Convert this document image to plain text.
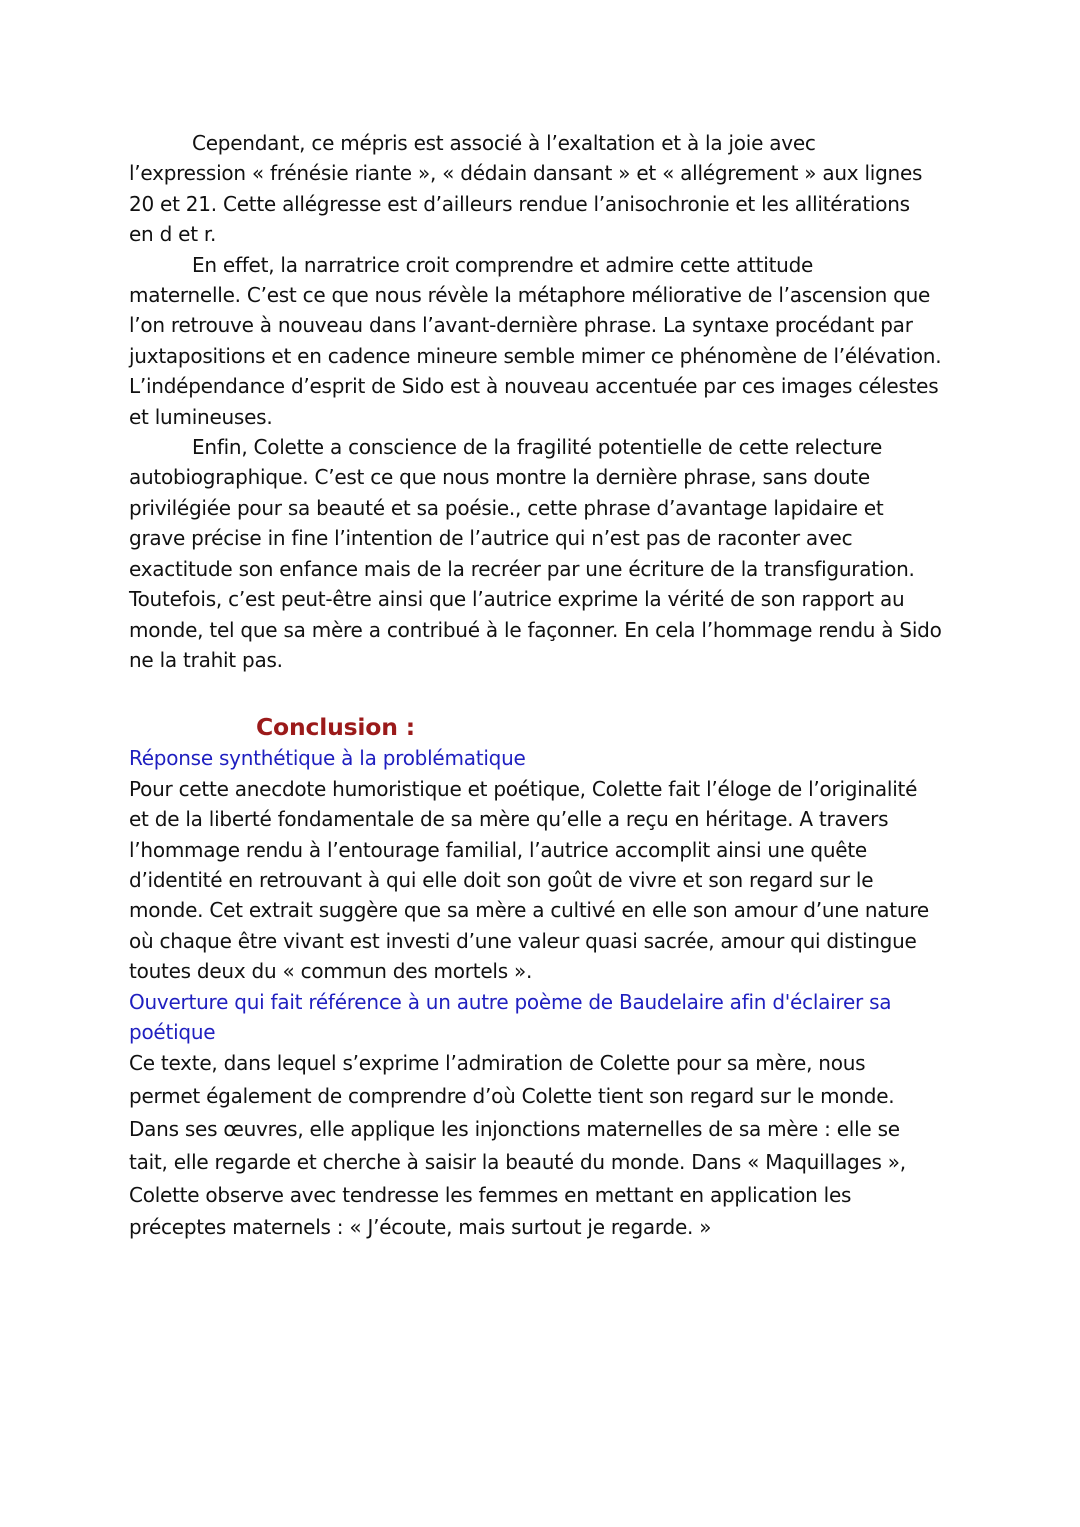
Cependant, ce mépris est associé à l’exaltation et à la joie avec
l’expression « frénésie riante », « dédain dansant » et « allégrement » aux lignes
20 et 21. Cette allégresse est d’ailleurs rendue l’anisochronie et les allitérations
en d et r.

En effet, la narratrice croit comprendre et admire cette attitude
maternelle. C’est ce que nous révèle la métaphore méliorative de l’ascension que
l’on retrouve à nouveau dans l’avant-dernière phrase. La syntaxe procédant par
juxtapositions et en cadence mineure semble mimer ce phénomène de l’élévation.
L’indépendance d’esprit de Sido est à nouveau accentuée par ces images célestes
et lumineuses.

Enfin, Colette a conscience de la fragilité potentielle de cette relecture
autobiographique. C’est ce que nous montre la dernière phrase, sans doute
privilégiée pour sa beauté et sa poésie., cette phrase d’avantage lapidaire et
grave précise in fine l’intention de l’autrice qui n’est pas de raconter avec
exactitude son enfance mais de la recréer par une écriture de la transfiguration.
Toutefois, c’est peut-être ainsi que l’autrice exprime la vérité de son rapport au
monde, tel que sa mère a contribué à le façonner. En cela l’hommage rendu à Sido
ne la trahit pas.

Conclusion :

Réponse synthétique à la problématique

Pour cette anecdote humoristique et poétique, Colette fait l’éloge de l’originalité
et de la liberté fondamentale de sa mère qu’elle a reçu en héritage. A travers
l’hommage rendu à l’entourage familial, l’autrice accomplit ainsi une quête
d’identité en retrouvant à qui elle doit son goût de vivre et son regard sur le
monde. Cet extrait suggère que sa mère a cultivé en elle son amour d’une nature
où chaque être vivant est investi d’une valeur quasi sacrée, amour qui distingue
toutes deux du « commun des mortels ».

Ouverture qui fait référence à un autre poème de Baudelaire afin d'éclairer sa
poétique

Ce texte, dans lequel s’exprime l’admiration de Colette pour sa mère, nous
permet également de comprendre d’où Colette tient son regard sur le monde.
Dans ses œuvres, elle applique les injonctions maternelles de sa mère : elle se
tait, elle regarde et cherche à saisir la beauté du monde. Dans « Maquillages »,
Colette observe avec tendresse les femmes en mettant en application les
préceptes maternels : « J’écoute, mais surtout je regarde. »
